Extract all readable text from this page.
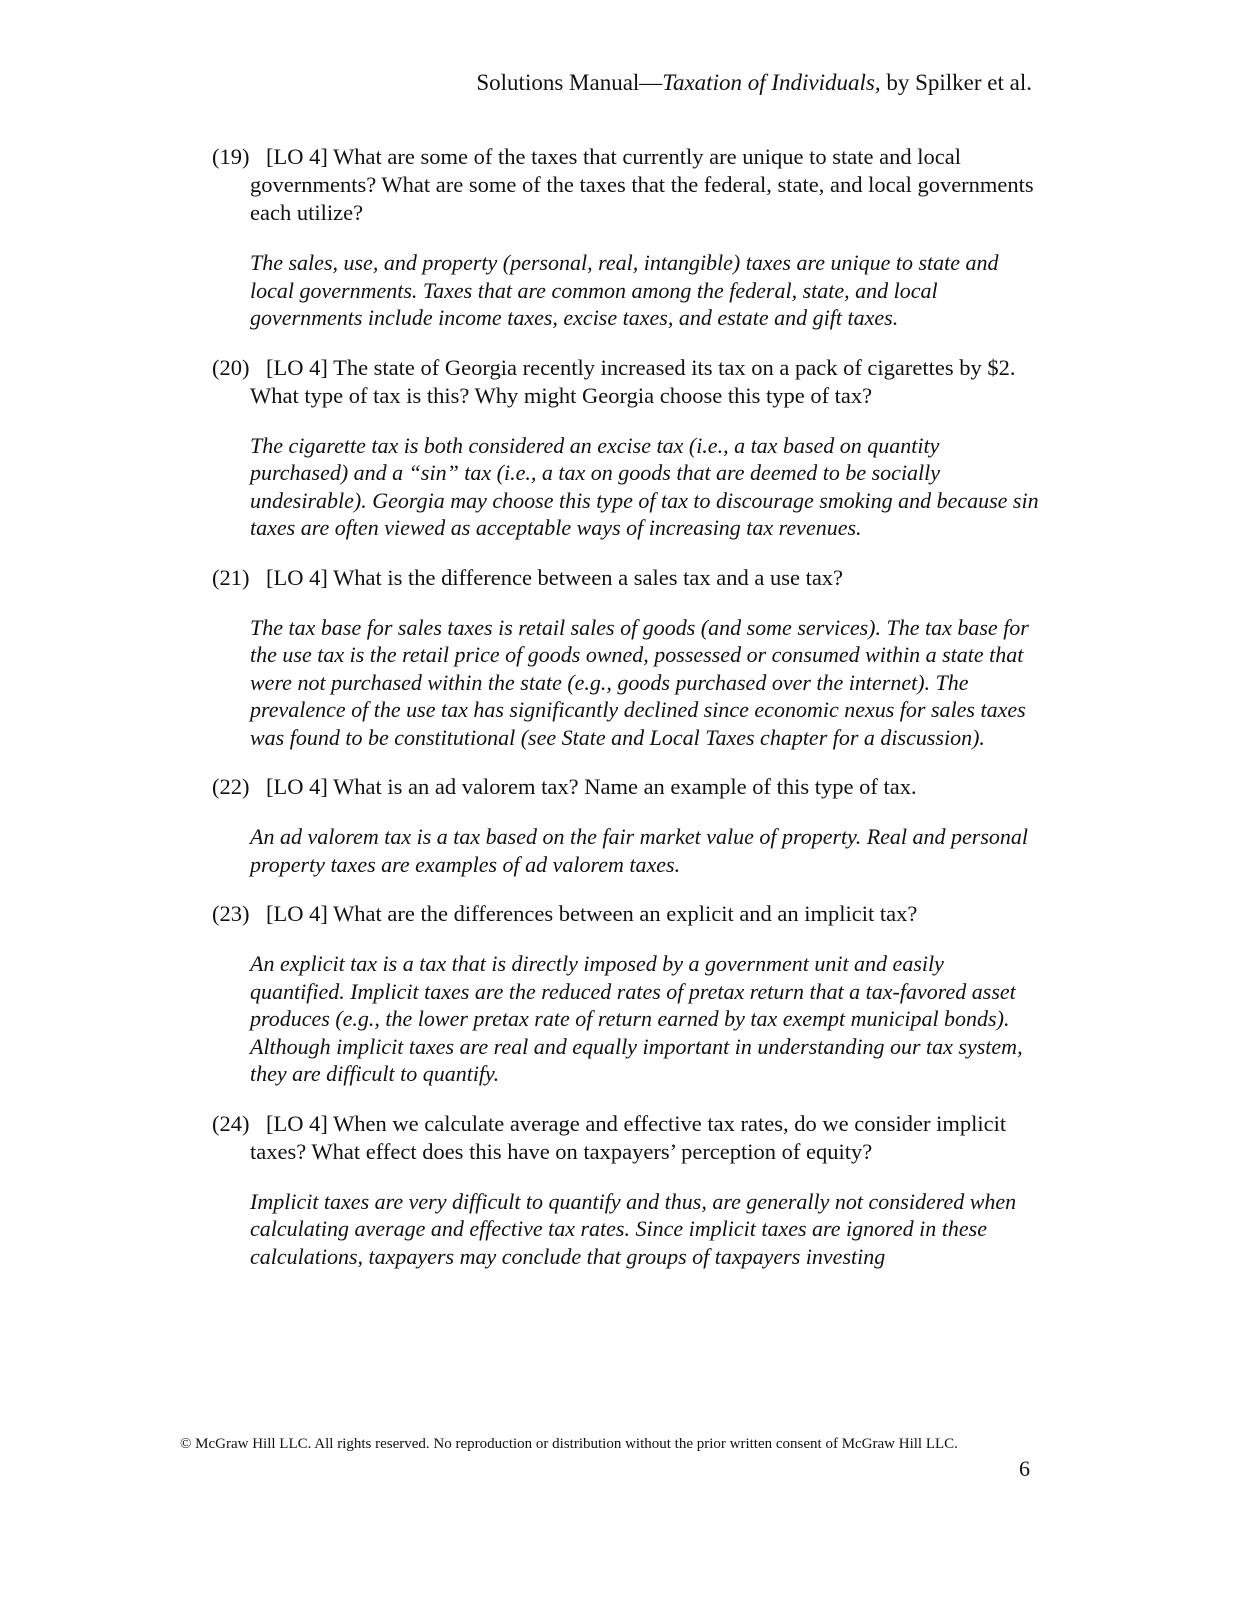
Solutions Manual—Taxation of Individuals, by Spilker et al.

(19) [LO 4] What are some of the taxes that currently are unique to state and local governments? What are some of the taxes that the federal, state, and local governments each utilize?

The sales, use, and property (personal, real, intangible) taxes are unique to state and local governments. Taxes that are common among the federal, state, and local governments include income taxes, excise taxes, and estate and gift taxes.

(20) [LO 4] The state of Georgia recently increased its tax on a pack of cigarettes by $2. What type of tax is this? Why might Georgia choose this type of tax?

The cigarette tax is both considered an excise tax (i.e., a tax based on quantity purchased) and a “sin” tax (i.e., a tax on goods that are deemed to be socially undesirable). Georgia may choose this type of tax to discourage smoking and because sin taxes are often viewed as acceptable ways of increasing tax revenues.

(21) [LO 4] What is the difference between a sales tax and a use tax?

The tax base for sales taxes is retail sales of goods (and some services). The tax base for the use tax is the retail price of goods owned, possessed or consumed within a state that were not purchased within the state (e.g., goods purchased over the internet). The prevalence of the use tax has significantly declined since economic nexus for sales taxes was found to be constitutional (see State and Local Taxes chapter for a discussion).

(22) [LO 4] What is an ad valorem tax? Name an example of this type of tax.

An ad valorem tax is a tax based on the fair market value of property. Real and personal property taxes are examples of ad valorem taxes.

(23) [LO 4] What are the differences between an explicit and an implicit tax?

An explicit tax is a tax that is directly imposed by a government unit and easily quantified. Implicit taxes are the reduced rates of pretax return that a tax-favored asset produces (e.g., the lower pretax rate of return earned by tax exempt municipal bonds). Although implicit taxes are real and equally important in understanding our tax system, they are difficult to quantify.

(24) [LO 4] When we calculate average and effective tax rates, do we consider implicit taxes? What effect does this have on taxpayers’ perception of equity?

Implicit taxes are very difficult to quantify and thus, are generally not considered when calculating average and effective tax rates. Since implicit taxes are ignored in these calculations, taxpayers may conclude that groups of taxpayers investing

© McGraw Hill LLC. All rights reserved. No reproduction or distribution without the prior written consent of McGraw Hill LLC.
6
